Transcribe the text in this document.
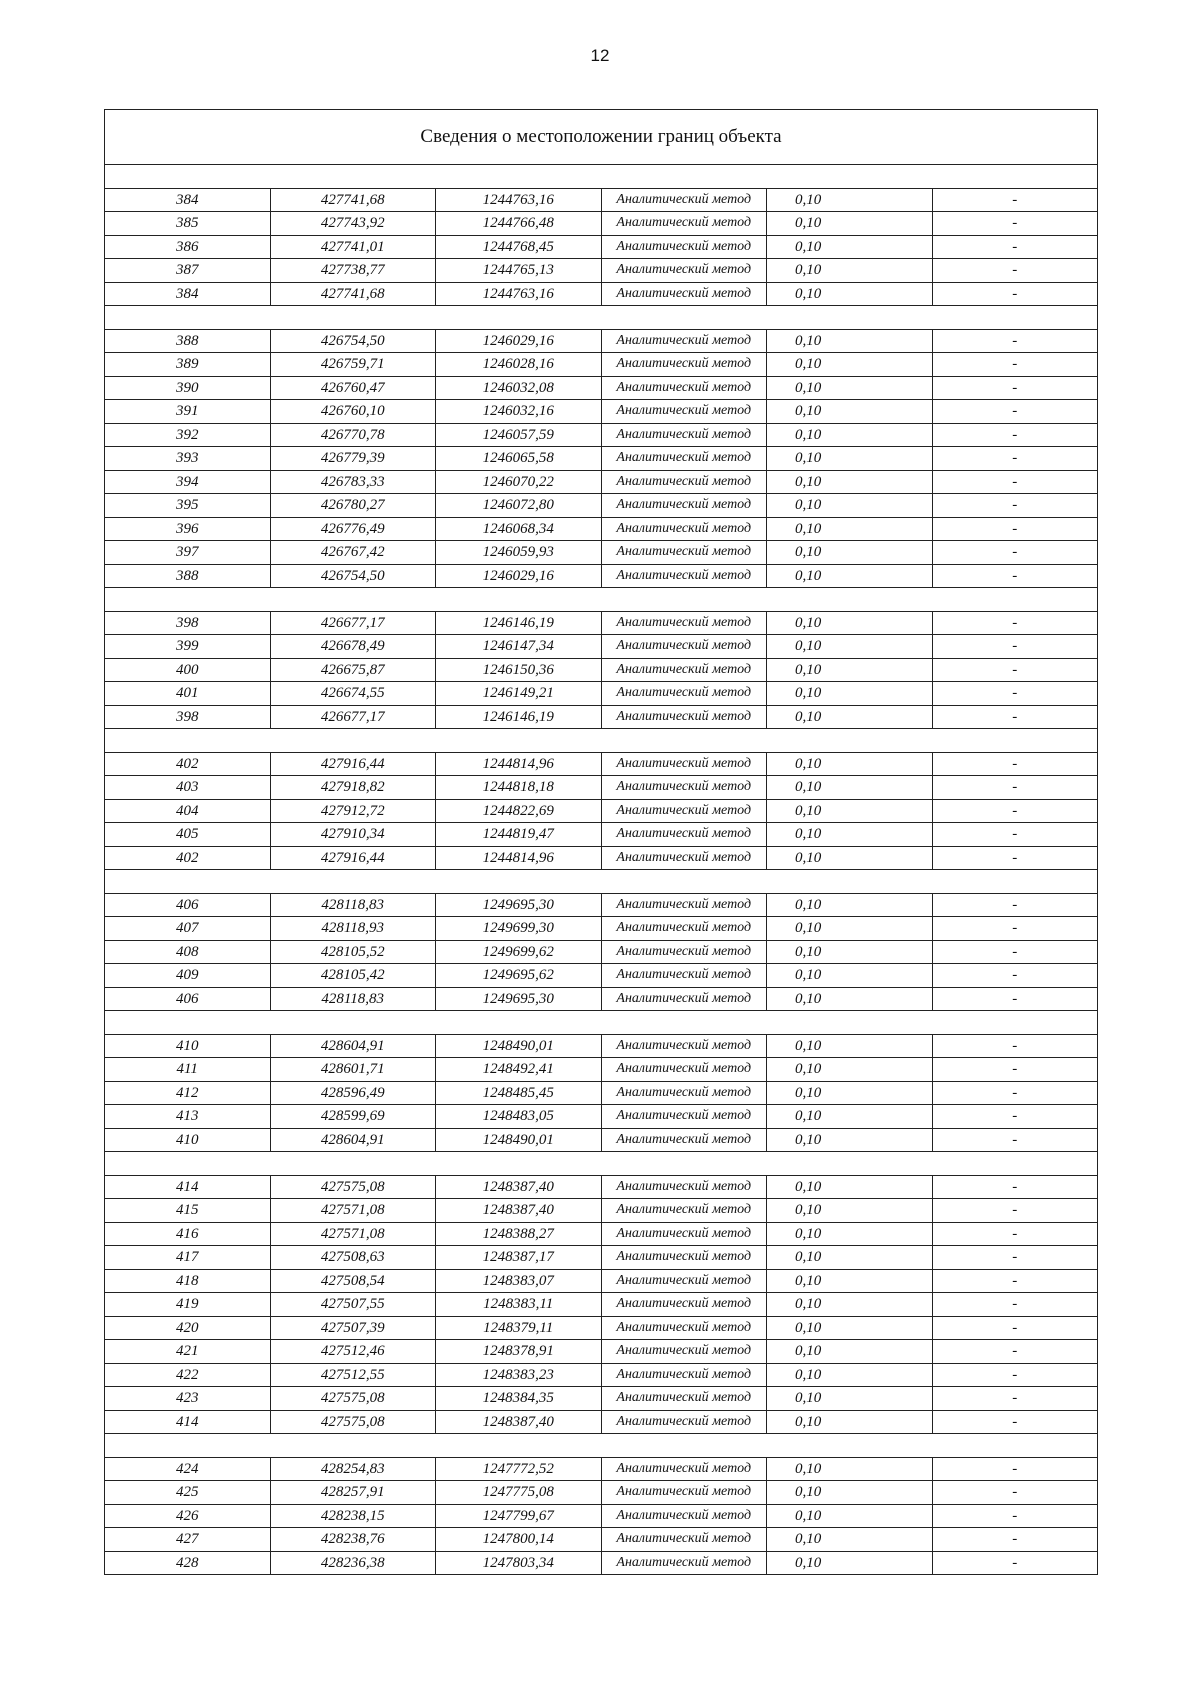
12
Сведения о местоположении границ объекта

384	427741,68	1244763,16	Аналитический метод	0,10	-
385	427743,92	1244766,48	Аналитический метод	0,10	-
386	427741,01	1244768,45	Аналитический метод	0,10	-
387	427738,77	1244765,13	Аналитический метод	0,10	-
384	427741,68	1244763,16	Аналитический метод	0,10	-

388	426754,50	1246029,16	Аналитический метод	0,10	-
389	426759,71	1246028,16	Аналитический метод	0,10	-
390	426760,47	1246032,08	Аналитический метод	0,10	-
391	426760,10	1246032,16	Аналитический метод	0,10	-
392	426770,78	1246057,59	Аналитический метод	0,10	-
393	426779,39	1246065,58	Аналитический метод	0,10	-
394	426783,33	1246070,22	Аналитический метод	0,10	-
395	426780,27	1246072,80	Аналитический метод	0,10	-
396	426776,49	1246068,34	Аналитический метод	0,10	-
397	426767,42	1246059,93	Аналитический метод	0,10	-
388	426754,50	1246029,16	Аналитический метод	0,10	-

398	426677,17	1246146,19	Аналитический метод	0,10	-
399	426678,49	1246147,34	Аналитический метод	0,10	-
400	426675,87	1246150,36	Аналитический метод	0,10	-
401	426674,55	1246149,21	Аналитический метод	0,10	-
398	426677,17	1246146,19	Аналитический метод	0,10	-

402	427916,44	1244814,96	Аналитический метод	0,10	-
403	427918,82	1244818,18	Аналитический метод	0,10	-
404	427912,72	1244822,69	Аналитический метод	0,10	-
405	427910,34	1244819,47	Аналитический метод	0,10	-
402	427916,44	1244814,96	Аналитический метод	0,10	-

406	428118,83	1249695,30	Аналитический метод	0,10	-
407	428118,93	1249699,30	Аналитический метод	0,10	-
408	428105,52	1249699,62	Аналитический метод	0,10	-
409	428105,42	1249695,62	Аналитический метод	0,10	-
406	428118,83	1249695,30	Аналитический метод	0,10	-

410	428604,91	1248490,01	Аналитический метод	0,10	-
411	428601,71	1248492,41	Аналитический метод	0,10	-
412	428596,49	1248485,45	Аналитический метод	0,10	-
413	428599,69	1248483,05	Аналитический метод	0,10	-
410	428604,91	1248490,01	Аналитический метод	0,10	-

414	427575,08	1248387,40	Аналитический метод	0,10	-
415	427571,08	1248387,40	Аналитический метод	0,10	-
416	427571,08	1248388,27	Аналитический метод	0,10	-
417	427508,63	1248387,17	Аналитический метод	0,10	-
418	427508,54	1248383,07	Аналитический метод	0,10	-
419	427507,55	1248383,11	Аналитический метод	0,10	-
420	427507,39	1248379,11	Аналитический метод	0,10	-
421	427512,46	1248378,91	Аналитический метод	0,10	-
422	427512,55	1248383,23	Аналитический метод	0,10	-
423	427575,08	1248384,35	Аналитический метод	0,10	-
414	427575,08	1248387,40	Аналитический метод	0,10	-

424	428254,83	1247772,52	Аналитический метод	0,10	-
425	428257,91	1247775,08	Аналитический метод	0,10	-
426	428238,15	1247799,67	Аналитический метод	0,10	-
427	428238,76	1247800,14	Аналитический метод	0,10	-
428	428236,38	1247803,34	Аналитический метод	0,10	-
